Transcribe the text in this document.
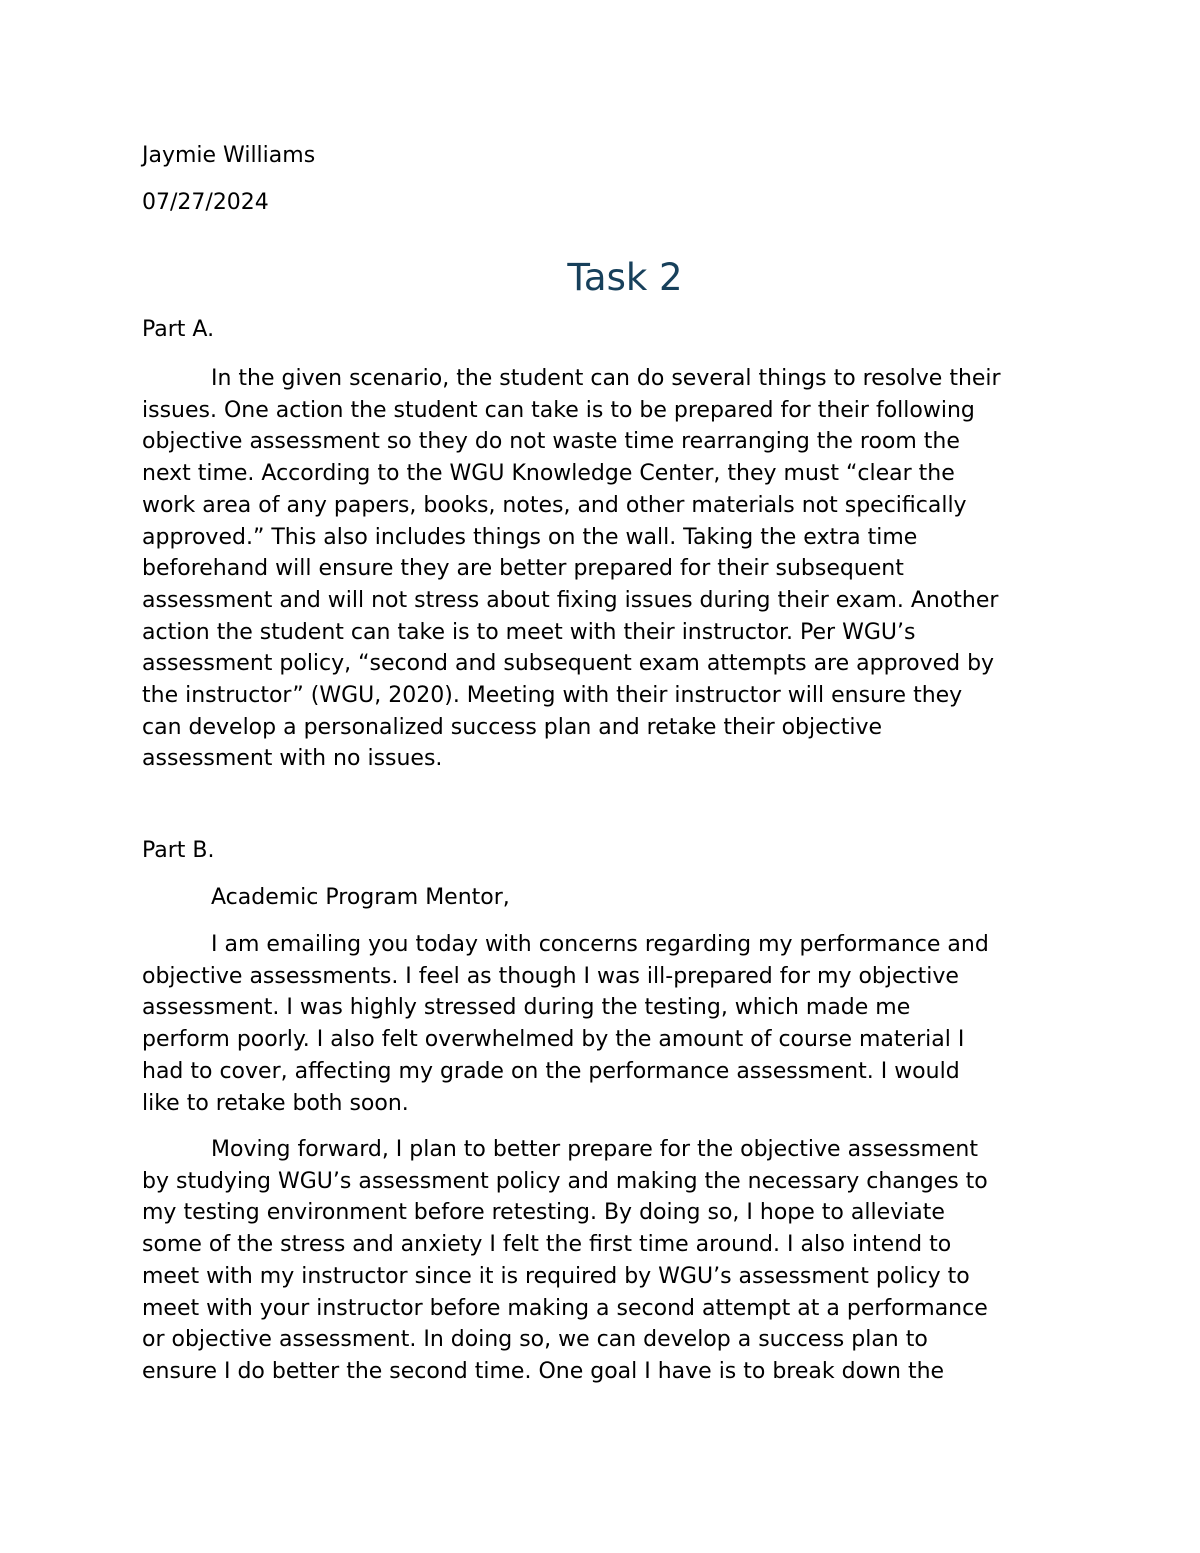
Jaymie Williams
07/27/2024
Task 2
Part A.
In the given scenario, the student can do several things to resolve their
issues. One action the student can take is to be prepared for their following
objective assessment so they do not waste time rearranging the room the
next time. According to the WGU Knowledge Center, they must “clear the
work area of any papers, books, notes, and other materials not specifically
approved.” This also includes things on the wall. Taking the extra time
beforehand will ensure they are better prepared for their subsequent
assessment and will not stress about fixing issues during their exam. Another
action the student can take is to meet with their instructor. Per WGU’s
assessment policy, “second and subsequent exam attempts are approved by
the instructor” (WGU, 2020). Meeting with their instructor will ensure they
can develop a personalized success plan and retake their objective
assessment with no issues.
Part B.
Academic Program Mentor,
I am emailing you today with concerns regarding my performance and
objective assessments. I feel as though I was ill-prepared for my objective
assessment. I was highly stressed during the testing, which made me
perform poorly. I also felt overwhelmed by the amount of course material I
had to cover, affecting my grade on the performance assessment. I would
like to retake both soon.
Moving forward, I plan to better prepare for the objective assessment
by studying WGU’s assessment policy and making the necessary changes to
my testing environment before retesting. By doing so, I hope to alleviate
some of the stress and anxiety I felt the first time around. I also intend to
meet with my instructor since it is required by WGU’s assessment policy to
meet with your instructor before making a second attempt at a performance
or objective assessment. In doing so, we can develop a success plan to
ensure I do better the second time. One goal I have is to break down the
